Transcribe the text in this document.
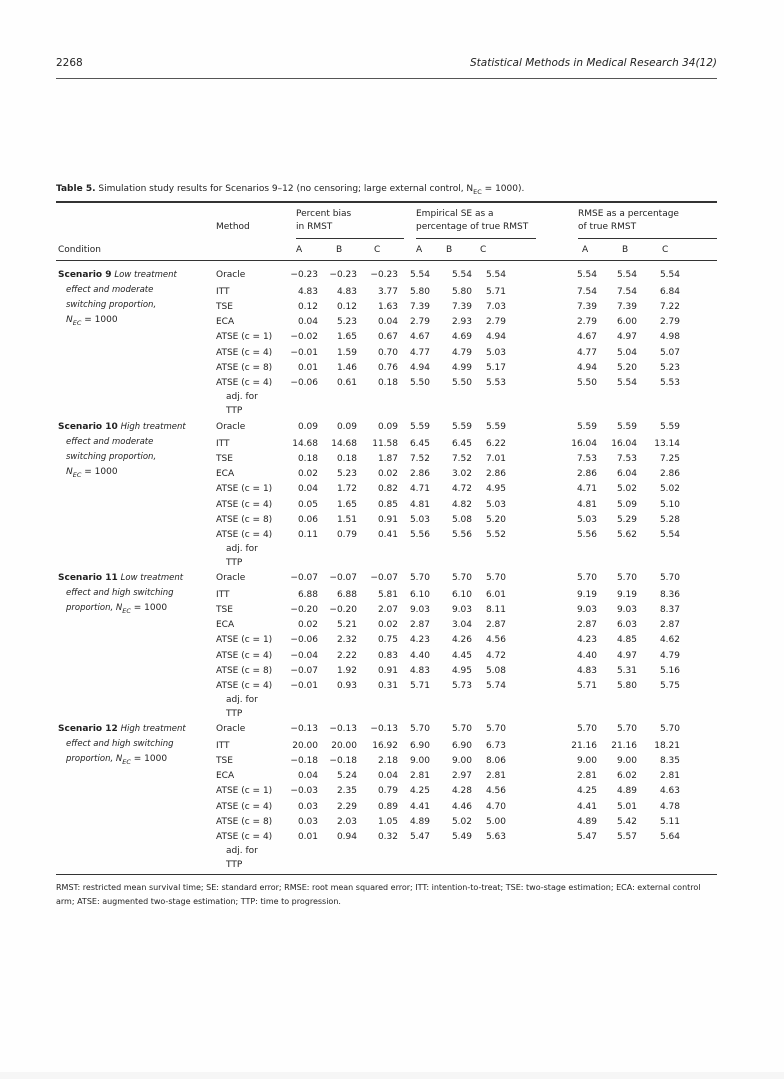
2268	Statistical Methods in Medical Research 34(12)
Table 5. Simulation study results for Scenarios 9–12 (no censoring; large external control, $N_{EC} = 1000$).
Method
Condition
Percent bias
in RMST
Empirical SE as a
percentage of true RMST
RMSE as a percentage
of true RMST
A	B	C	A	B	C	A	B	C
Scenario 9 Low treatment
effect and moderate
switching proportion,
$N_{EC} = 1000$
Oracle	−0.23	−0.23	−0.23	5.54	5.54	5.54	5.54	5.54	5.54
ITT	4.83	4.83	3.77	5.80	5.80	5.71	7.54	7.54	6.84
TSE	0.12	0.12	1.63	7.39	7.39	7.03	7.39	7.39	7.22
ECA	0.04	5.23	0.04	2.79	2.93	2.79	2.79	6.00	2.79
ATSE (c = 1)	−0.02	1.65	0.67	4.67	4.69	4.94	4.67	4.97	4.98
ATSE (c = 4)	−0.01	1.59	0.70	4.77	4.79	5.03	4.77	5.04	5.07
ATSE (c = 8)	0.01	1.46	0.76	4.94	4.99	5.17	4.94	5.20	5.23
ATSE (c = 4)
adj. for
TTP
−0.06	0.61	0.18	5.50	5.50	5.53	5.50	5.54	5.53
Scenario 10 High treatment
effect and moderate
switching proportion,
$N_{EC} = 1000$
Oracle	0.09	0.09	0.09	5.59	5.59	5.59	5.59	5.59	5.59
ITT	14.68	14.68	11.58	6.45	6.45	6.22	16.04	16.04	13.14
TSE	0.18	0.18	1.87	7.52	7.52	7.01	7.53	7.53	7.25
ECA	0.02	5.23	0.02	2.86	3.02	2.86	2.86	6.04	2.86
ATSE (c = 1)	0.04	1.72	0.82	4.71	4.72	4.95	4.71	5.02	5.02
ATSE (c = 4)	0.05	1.65	0.85	4.81	4.82	5.03	4.81	5.09	5.10
ATSE (c = 8)	0.06	1.51	0.91	5.03	5.08	5.20	5.03	5.29	5.28
ATSE (c = 4)
adj. for
TTP
0.11	0.79	0.41	5.56	5.56	5.52	5.56	5.62	5.54
Scenario 11 Low treatment
effect and high switching
proportion, $N_{EC} = 1000$
Oracle	−0.07	−0.07	−0.07	5.70	5.70	5.70	5.70	5.70	5.70
ITT	6.88	6.88	5.81	6.10	6.10	6.01	9.19	9.19	8.36
TSE	−0.20	−0.20	2.07	9.03	9.03	8.11	9.03	9.03	8.37
ECA	0.02	5.21	0.02	2.87	3.04	2.87	2.87	6.03	2.87
ATSE (c = 1)	−0.06	2.32	0.75	4.23	4.26	4.56	4.23	4.85	4.62
ATSE (c = 4)	−0.04	2.22	0.83	4.40	4.45	4.72	4.40	4.97	4.79
ATSE (c = 8)	−0.07	1.92	0.91	4.83	4.95	5.08	4.83	5.31	5.16
ATSE (c = 4)
adj. for
TTP
−0.01	0.93	0.31	5.71	5.73	5.74	5.71	5.80	5.75
Scenario 12 High treatment
effect and high switching
proportion, $N_{EC} = 1000$
Oracle	−0.13	−0.13	−0.13	5.70	5.70	5.70	5.70	5.70	5.70
ITT	20.00	20.00	16.92	6.90	6.90	6.73	21.16	21.16	18.21
TSE	−0.18	−0.18	2.18	9.00	9.00	8.06	9.00	9.00	8.35
ECA	0.04	5.24	0.04	2.81	2.97	2.81	2.81	6.02	2.81
ATSE (c = 1)	−0.03	2.35	0.79	4.25	4.28	4.56	4.25	4.89	4.63
ATSE (c = 4)	0.03	2.29	0.89	4.41	4.46	4.70	4.41	5.01	4.78
ATSE (c = 8)	0.03	2.03	1.05	4.89	5.02	5.00	4.89	5.42	5.11
ATSE (c = 4)
adj. for
TTP
0.01	0.94	0.32	5.47	5.49	5.63	5.47	5.57	5.64
RMST: restricted mean survival time; SE: standard error; RMSE: root mean squared error; ITT: intention-to-treat; TSE: two-stage estimation; ECA: external control arm; ATSE: augmented two-stage estimation; TTP: time to progression.
